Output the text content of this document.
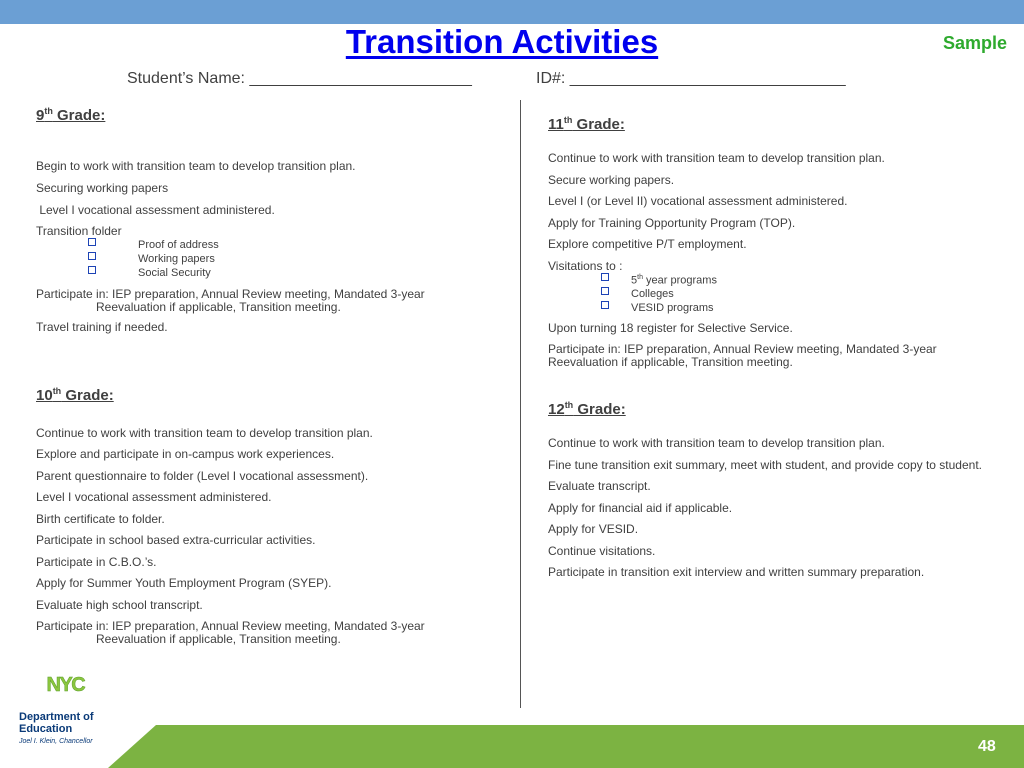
Transition Activities	Sample
Student’s Name: _________________________	ID#: _______________________________
9th Grade:
Begin to work with transition team to develop transition plan.
Securing working papers
Level I vocational assessment administered.
Transition folder
Proof of address
Working papers
Social Security
Participate in: IEP preparation, Annual Review meeting, Mandated 3-year
Reevaluation if applicable, Transition meeting.
Travel training if needed.
10th Grade:
Continue to work with transition team to develop transition plan.
Explore and participate in on-campus work experiences.
Parent questionnaire to folder (Level I vocational assessment).
Level I vocational assessment administered.
Birth certificate to folder.
Participate in school based extra-curricular activities.
Participate in C.B.O.’s.
Apply for Summer Youth Employment Program (SYEP).
Evaluate high school transcript.
Participate in: IEP preparation, Annual Review meeting, Mandated 3-year
Reevaluation if applicable, Transition meeting.
11th Grade:
Continue to work with transition team to develop transition plan.
Secure working papers.
Level I (or Level II) vocational assessment administered.
Apply for Training Opportunity Program (TOP).
Explore competitive P/T employment.
Visitations to :
5th year programs
Colleges
VESID programs
Upon turning 18 register for Selective Service.
Participate in: IEP preparation, Annual Review meeting, Mandated 3-year
Reevaluation if applicable, Transition meeting.
12th Grade:
Continue to work with transition team to develop transition plan.
Fine tune transition exit summary, meet with student, and provide copy to student.
Evaluate transcript.
Apply for financial aid if applicable.
Apply for VESID.
Continue visitations.
Participate in transition exit interview and written summary preparation.
48
NYC
Department of
Education
Joel I. Klein, Chancellor
